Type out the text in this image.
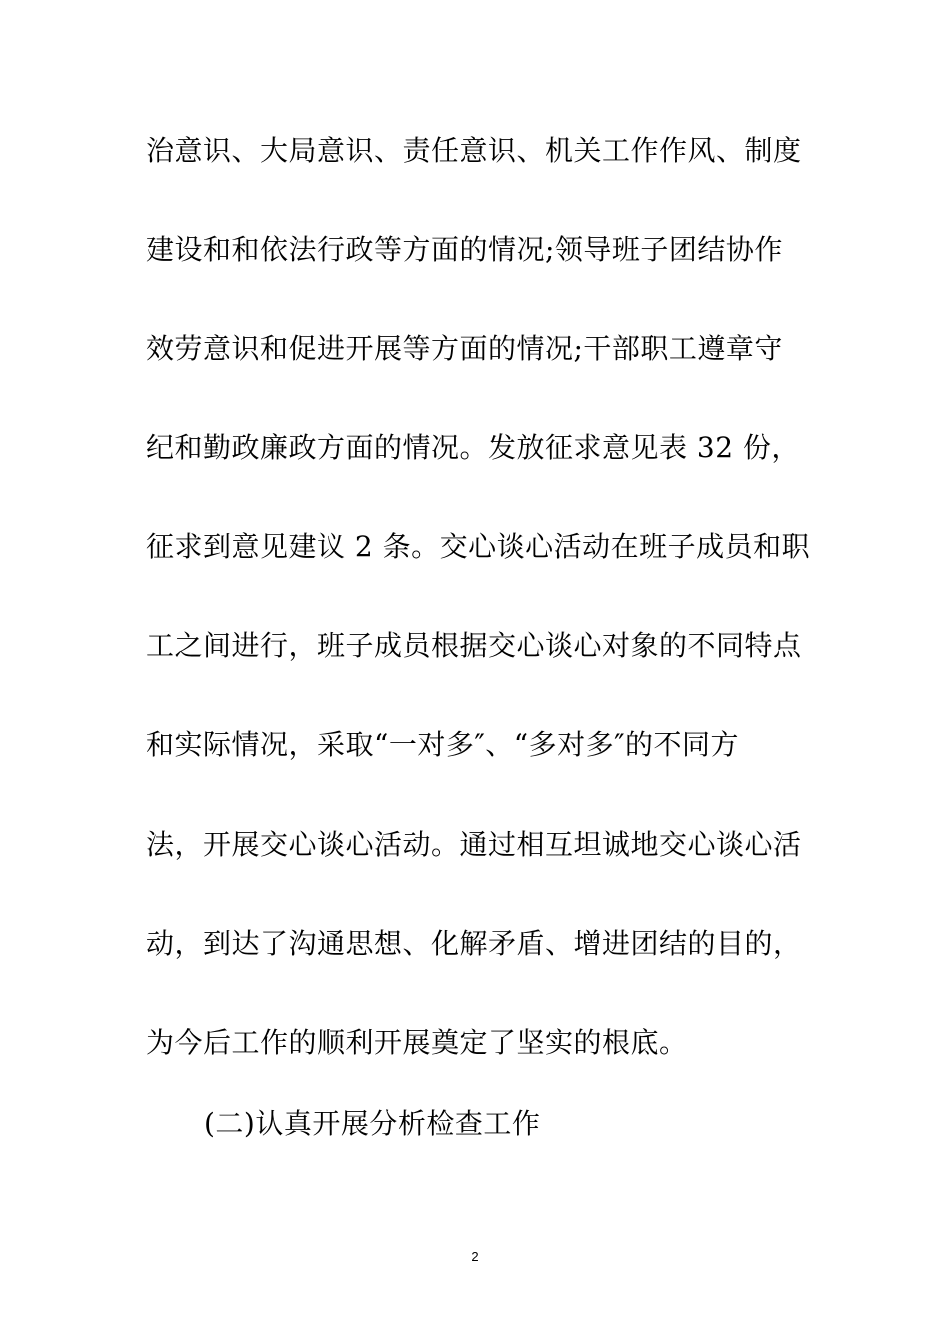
治意识、大局意识、责任意识、机关工作作风、制度
建设和和依法行政等方面的情况;领导班子团结协作
效劳意识和促进开展等方面的情况;干部职工遵章守
纪和勤政廉政方面的情况。发放征求意见表 32 份，
征求到意见建议 2 条。交心谈心活动在班子成员和职
工之间进行，班子成员根据交心谈心对象的不同特点
和实际情况，采取“一对多″、“多对多″的不同方
法，开展交心谈心活动。通过相互坦诚地交心谈心活
动，到达了沟通思想、化解矛盾、增进团结的目的，
为今后工作的顺利开展奠定了坚实的根底。
(二)认真开展分析检查工作
2
